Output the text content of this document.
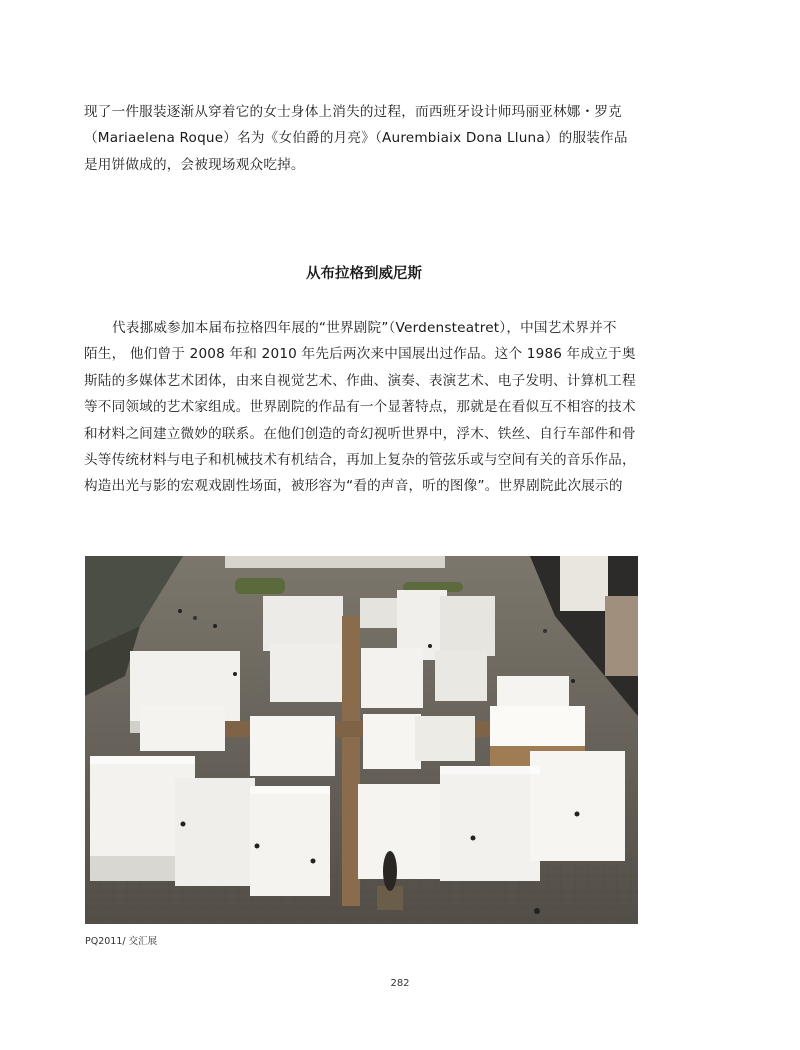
现了一件服装逐渐从穿着它的女士身体上消失的过程，而西班牙设计师玛丽亚林娜・罗克
（Mariaelena Roque）名为《女伯爵的月亮》（Aurembiaix Dona Lluna）的服装作品
是用饼做成的，会被现场观众吃掉。
从布拉格到威尼斯
代表挪威参加本届布拉格四年展的“世界剧院”（Verdensteatret），中国艺术界并不
陌生， 他们曾于 2008 年和 2010 年先后两次来中国展出过作品。这个 1986 年成立于奥
斯陆的多媒体艺术团体，由来自视觉艺术、作曲、演奏、表演艺术、电子发明、计算机工程
等不同领域的艺术家组成。世界剧院的作品有一个显著特点，那就是在看似互不相容的技术
和材料之间建立微妙的联系。在他们创造的奇幻视听世界中，浮木、铁丝、自行车部件和骨
头等传统材料与电子和机械技术有机结合，再加上复杂的管弦乐或与空间有关的音乐作品，
构造出光与影的宏观戏剧性场面，被形容为“看的声音，听的图像”。世界剧院此次展示的
PQ2011/ 交汇展
282
